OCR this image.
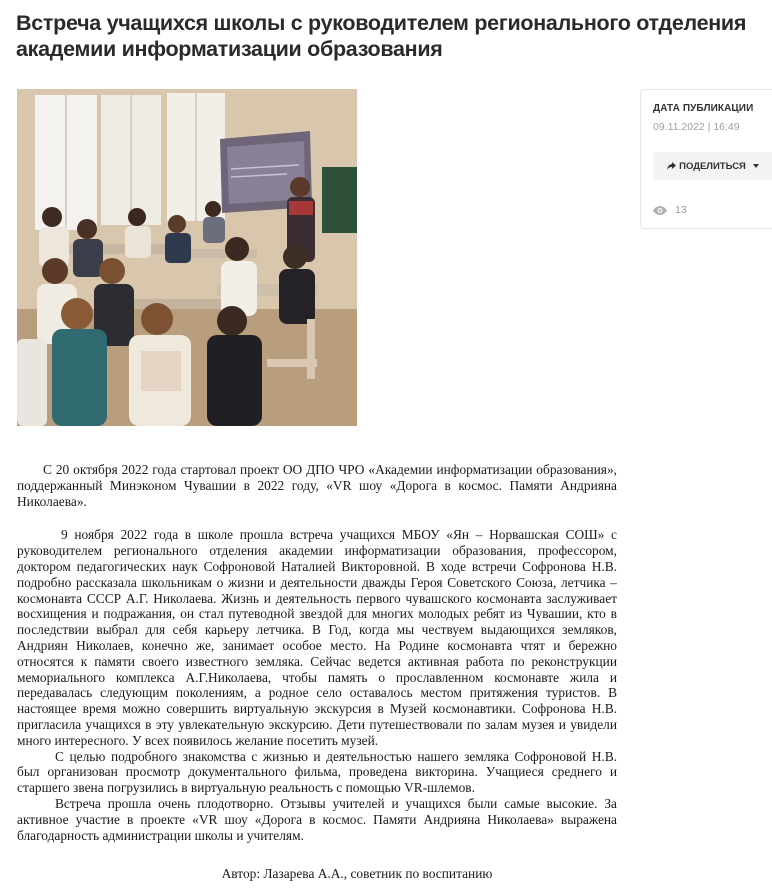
Встреча учащихся школы с руководителем регионального отделения академии информатизации образования
ДАТА ПУБЛИКАЦИИ
09.11.2022 | 16:49
ПОДЕЛИТЬСЯ
13

С 20 октября 2022 года стартовал проект ОО ДПО ЧРО «Академии информатизации образования», поддержанный Минэконом Чувашии в 2022 году, «VR шоу «Дорога в космос. Памяти Андрияна Николаева».

9 ноября 2022 года в школе прошла встреча учащихся МБОУ «Ян – Норвашская СОШ» с руководителем регионального отделения академии информатизации образования, профессором, доктором педагогических наук Софроновой Наталией Викторовной. В ходе встречи Софронова Н.В. подробно рассказала школьникам о жизни и деятельности дважды Героя Советского Союза, летчика – космонавта СССР А.Г. Николаева. Жизнь и деятельность первого чувашского космонавта заслуживает восхищения и подражания, он стал путеводной звездой для многих молодых ребят из Чувашии, кто в последствии выбрал для себя карьеру летчика. В Год, когда мы чествуем выдающихся земляков, Андриян Николаев, конечно же, занимает особое место. На Родине космонавта чтят и бережно относятся к памяти своего известного земляка. Сейчас ведется активная работа по реконструкции мемориального комплекса А.Г.Николаева, чтобы память о прославленном космонавте жила и передавалась следующим поколениям, а родное село оставалось местом притяжения туристов. В настоящее время можно совершить виртуальную экскурсия в Музей космонавтики. Софронова Н.В. пригласила учащихся в эту увлекательную экскурсию. Дети путешествовали по залам музея и увидели много интересного. У всех появилось желание посетить музей.

С целью подробного знакомства с жизнью и деятельностью нашего земляка Софроновой Н.В. был организован просмотр документального фильма, проведена викторина. Учащиеся среднего и старшего звена погрузились в виртуальную реальность с помощью VR-шлемов.

Встреча прошла очень плодотворно. Отзывы учителей и учащихся были самые высокие. За активное участие в проекте «VR шоу «Дорога в космос. Памяти Андрияна Николаева» выражена благодарность администрации школы и учителям.

Автор: Лазарева А.А., советник по воспитанию
